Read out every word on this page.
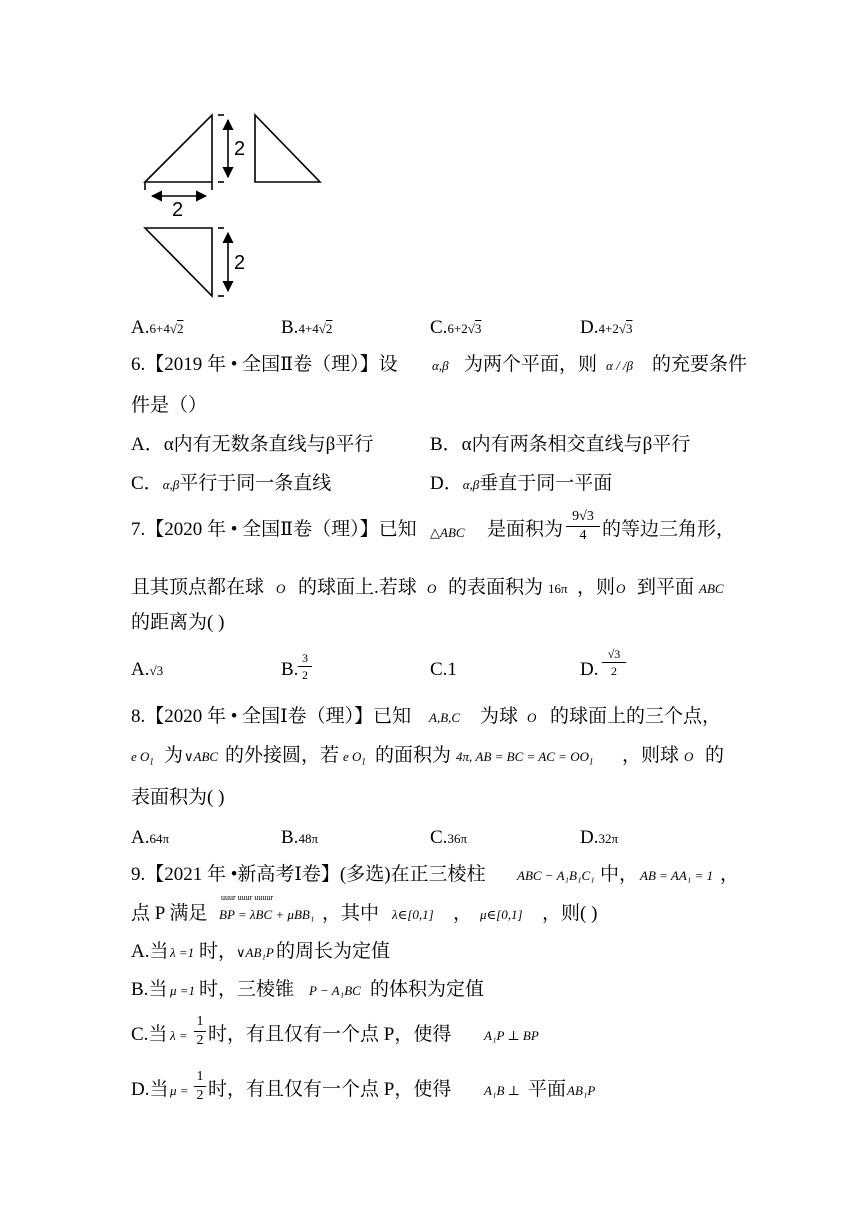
2
2
2
A.6+4√2	B.4+4√2	C.6+2√3	D.4+2√3
6.【2019 年 • 全国Ⅱ卷（理）】设	α,β 为两个平面，则 α / /β 的充要条件
件是（）
A．α内有无数条直线与β平行	B．α内有两条相交直线与β平行
C．α,β平行于同一条直线	D．α,β垂直于同一平面
7.【2020 年 • 全国Ⅱ卷（理）】已知 △ABC 是面积为
9√3
4 的等边三角形，
且其顶点都在球 O 的球面上.若球 O 的表面积为 16π ，则 O 到平面 ABC
的距离为( )
A.√3	B.
3
2	C.1	D.
√3
2
8.【2020 年 • 全国Ⅰ卷（理）】已知 A,B,C 为球 O 的球面上的三个点，
e $O_1$ 为 ∨ABC 的外接圆，若 e $O_1$ 的面积为 4π, AB = BC = AC = $OO_1$ ，则球 O 的
表面积为( )
A.64π	B.48π	C.36π	D.32π
9.【2021 年 •新高考Ⅰ卷】(多选)在正三棱柱 ABC − A₁B₁C₁ 中， AB = AA₁ = 1 ，
点 P 满足
uuur uuur uuuur
BP = λBC + μBB₁ ，其中 λ∈[0,1] ， μ∈[0,1] ，则( )
A.当 λ =1 时，
∨AB₁P 的周长为定值
B.当 μ =1 时，三棱锥 P − A₁BC 的体积为定值
C.当 λ =
1
2 时，有且仅有一个点 P，使得	A₁P ⊥ BP
D.当 μ =
1
2 时，有且仅有一个点 P，使得	A₁B ⊥ 平面 AB₁P
